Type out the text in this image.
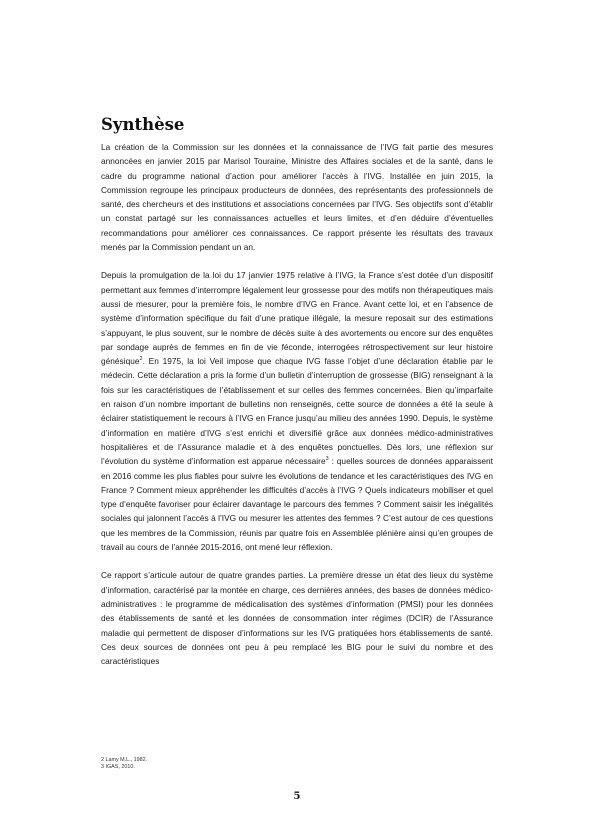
Synthèse

La création de la Commission sur les données et la connaissance de l’IVG fait partie des mesures annoncées en janvier 2015 par Marisol Touraine, Ministre des Affaires sociales et de la santé, dans le cadre du programme national d’action pour améliorer l’accès à l’IVG. Installée en juin 2015, la Commission regroupe les principaux producteurs de données, des représentants des professionnels de santé, des chercheurs et des institutions et associations concernées par l’IVG. Ses objectifs sont d’établir un constat partagé sur les connaissances actuelles et leurs limites, et d’en déduire d’éventuelles recommandations pour améliorer ces connaissances. Ce rapport présente les résultats des travaux menés par la Commission pendant un an.

Depuis la promulgation de la loi du 17 janvier 1975 relative à l’IVG, la France s’est dotée d’un dispositif permettant aux femmes d’interrompre légalement leur grossesse pour des motifs non thérapeutiques mais aussi de mesurer, pour la première fois, le nombre d’IVG en France. Avant cette loi, et en l’absence de système d’information spécifique du fait d’une pratique illégale, la mesure reposait sur des estimations s’appuyant, le plus souvent, sur le nombre de décès suite à des avortements ou encore sur des enquêtes par sondage auprès de femmes en fin de vie féconde, interrogées rétrospectivement sur leur histoire génésique$^2$. En 1975, la loi Veil impose que chaque IVG fasse l’objet d’une déclaration établie par le médecin. Cette déclaration a pris la forme d’un bulletin d’interruption de grossesse (BIG) renseignant à la fois sur les caractéristiques de l’établissement et sur celles des femmes concernées. Bien qu’imparfaite en raison d’un nombre important de bulletins non renseignés, cette source de données a été la seule à éclairer statistiquement le recours à l’IVG en France jusqu’au milieu des années 1990. Depuis, le système d’information en matière d’IVG s’est enrichi et diversifié grâce aux données médico-administratives hospitalières et de l’Assurance maladie et à des enquêtes ponctuelles. Dès lors, une réflexion sur l’évolution du système d’information est apparue nécessaire$^3$ : quelles sources de données apparaissent en 2016 comme les plus fiables pour suivre les évolutions de tendance et les caractéristiques des IVG en France ? Comment mieux appréhender les difficultés d’accès à l’IVG ? Quels indicateurs mobiliser et quel type d’enquête favoriser pour éclairer davantage le parcours des femmes ? Comment saisir les inégalités sociales qui jalonnent l’accès à l’IVG ou mesurer les attentes des femmes ? C’est autour de ces questions que les membres de la Commission, réunis par quatre fois en Assemblée plénière ainsi qu’en groupes de travail au cours de l’année 2015-2016, ont mené leur réflexion.

Ce rapport s’articule autour de quatre grandes parties. La première dresse un état des lieux du système d’information, caractérisé par la montée en charge, ces dernières années, des bases de données médico-administratives : le programme de médicalisation des systèmes d’information (PMSI) pour les données des établissements de santé et les données de consommation inter régimes (DCIR) de l’Assurance maladie qui permettent de disposer d’informations sur les IVG pratiquées hors établissements de santé. Ces deux sources de données ont peu à peu remplacé les BIG pour le suivi du nombre et des caractéristiques

2 Lamy M.L., 1982.
3 IGAS, 2010.
5
